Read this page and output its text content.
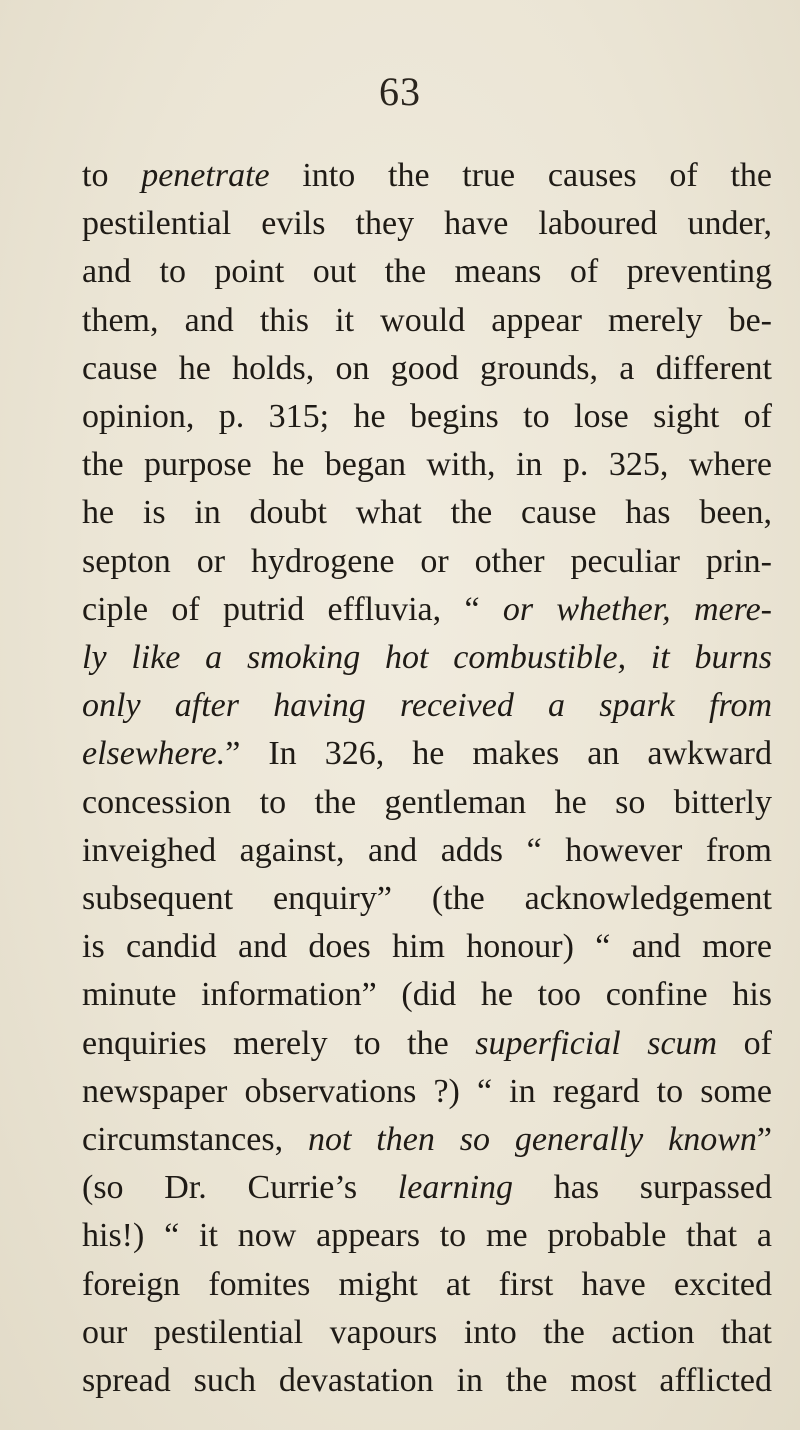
63
to penetrate into the true causes of the
pestilential evils they have laboured under,
and to point out the means of preventing
them, and this it would appear merely be-
cause he holds, on good grounds, a different
opinion, p. 315; he begins to lose sight of
the purpose he began with, in p. 325, where
he is in doubt what the cause has been,
septon or hydrogene or other peculiar prin-
ciple of putrid effluvia, “ or whether, mere-
ly like a smoking hot combustible, it burns
only after having received a spark from
elsewhere.” In 326, he makes an awkward
concession to the gentleman he so bitterly
inveighed against, and adds “ however from
subsequent enquiry” (the acknowledgement
is candid and does him honour) “ and more
minute information” (did he too confine his
enquiries merely to the superficial scum of
newspaper observations ?) “ in regard to some
circumstances, not then so generally known”
(so Dr. Currie’s learning has surpassed
his!) “ it now appears to me probable that a
foreign fomites might at first have excited
our pestilential vapours into the action that
spread such devastation in the most afflicted
